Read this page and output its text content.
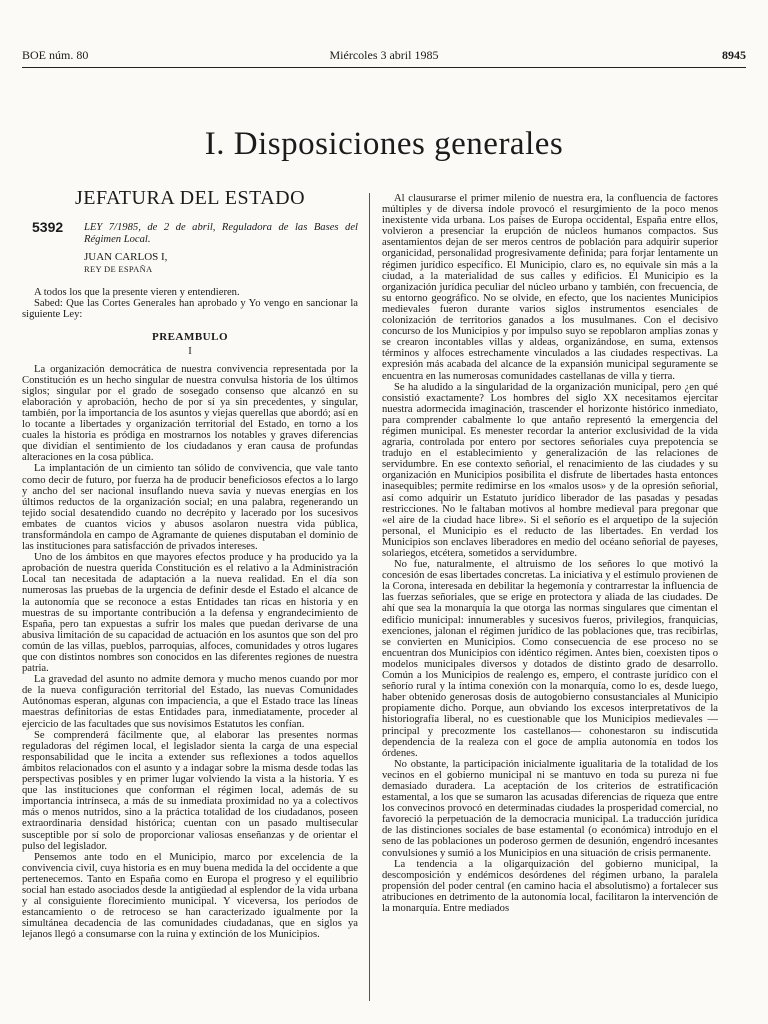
BOE núm. 80	Miércoles 3 abril 1985	8945
I. Disposiciones generales
JEFATURA DEL ESTADO
5392 LEY 7/1985, de 2 de abril, Reguladora de las Bases del Régimen Local.
JUAN CARLOS I,
REY DE ESPAÑA

A todos los que la presente vieren y entendieren.

Sabed: Que las Cortes Generales han aprobado y Yo vengo en sancionar la siguiente Ley:

PREAMBULO
I

La organización democrática de nuestra convivencia representada por la Constitución es un hecho singular de nuestra convulsa historia de los últimos siglos; singular por el grado de sosegado consenso que alcanzó en su elaboración y aprobación, hecho de por sí ya sin precedentes, y singular, también, por la importancia de los asuntos y viejas querellas que abordó; así en lo tocante a libertades y organización territorial del Estado, en torno a los cuales la historia es pródiga en mostrarnos los notables y graves diferencias que dividían el sentimiento de los ciudadanos y eran causa de profundas alteraciones en la cosa pública.

La implantación de un cimiento tan sólido de convivencia, que vale tanto como decir de futuro, por fuerza ha de producir beneficiosos efectos a lo largo y ancho del ser nacional insuflando nueva savia y nuevas energías en los últimos reductos de la organización social; en una palabra, regenerando un tejido social desatendido cuando no decrépito y lacerado por los sucesivos embates de cuantos vicios y abusos asolaron nuestra vida pública, transformándola en campo de Agramante de quienes disputaban el dominio de las instituciones para satisfacción de privados intereses.

Uno de los ámbitos en que mayores efectos produce y ha producido ya la aprobación de nuestra querida Constitución es el relativo a la Administración Local tan necesitada de adaptación a la nueva realidad. En el día son numerosas las pruebas de la urgencia de definir desde el Estado el alcance de la autonomía que se reconoce a estas Entidades tan ricas en historia y en muestras de su importante contribución a la defensa y engrandecimiento de España, pero tan expuestas a sufrir los males que puedan derivarse de una abusiva limitación de su capacidad de actuación en los asuntos que son del pro común de las villas, pueblos, parroquias, alfoces, comunidades y otros lugares que con distintos nombres son conocidos en las diferentes regiones de nuestra patria.

La gravedad del asunto no admite demora y mucho menos cuando por mor de la nueva configuración territorial del Estado, las nuevas Comunidades Autónomas esperan, algunas con impaciencia, a que el Estado trace las líneas maestras definitorias de estas Entidades para, inmediatamente, proceder al ejercicio de las facultades que sus novísimos Estatutos les confían.

Se comprenderá fácilmente que, al elaborar las presentes normas reguladoras del régimen local, el legislador sienta la carga de una especial responsabilidad que le incita a extender sus reflexiones a todos aquellos ámbitos relacionados con el asunto y a indagar sobre la misma desde todas las perspectivas posibles y en primer lugar volviendo la vista a la historia. Y es que las instituciones que conforman el régimen local, además de su importancia intrínseca, a más de su inmediata proximidad no ya a colectivos más o menos nutridos, sino a la práctica totalidad de los ciudadanos, poseen extraordinaria densidad histórica; cuentan con un pasado multisecular susceptible por sí solo de proporcionar valiosas enseñanzas y de orientar el pulso del legislador.

Pensemos ante todo en el Municipio, marco por excelencia de la convivencia civil, cuya historia es en muy buena medida la del occidente a que pertenecemos. Tanto en España como en Europa el progreso y el equilibrio social han estado asociados desde la antigüedad al esplendor de la vida urbana y al consiguiente florecimiento municipal. Y viceversa, los períodos de estancamiento o de retroceso se han caracterizado igualmente por la simultánea decadencia de las comunidades ciudadanas, que en siglos ya lejanos llegó a consumarse con la ruina y extinción de los Municipios.

Al clausurarse el primer milenio de nuestra era, la confluencia de factores múltiples y de diversa índole provocó el resurgimiento de la poco menos inexistente vida urbana. Los países de Europa occidental, España entre ellos, volvieron a presenciar la erupción de núcleos humanos compactos. Sus asentamientos dejan de ser meros centros de población para adquirir superior organicidad, personalidad progresivamente definida; para forjar lentamente un régimen jurídico específico. El Municipio, claro es, no equivale sin más a la ciudad, a la materialidad de sus calles y edificios. El Municipio es la organización jurídica peculiar del núcleo urbano y también, con frecuencia, de su entorno geográfico. No se olvide, en efecto, que los nacientes Municipios medievales fueron durante varios siglos instrumentos esenciales de colonización de territorios ganados a los musulmanes. Con el decisivo concurso de los Municipios y por impulso suyo se repoblaron amplias zonas y se crearon incontables villas y aldeas, organizándose, en suma, extensos términos y alfoces estrechamente vinculados a las ciudades respectivas. La expresión más acabada del alcance de la expansión municipal seguramente se encuentra en las numerosas comunidades castellanas de villa y tierra.

Se ha aludido a la singularidad de la organización municipal, pero ¿en qué consistió exactamente? Los hombres del siglo XX necesitamos ejercitar nuestra adormecida imaginación, trascender el horizonte histórico inmediato, para comprender cabalmente lo que antaño representó la emergencia del régimen municipal. Es menester recordar la anterior exclusividad de la vida agraria, controlada por entero por sectores señoriales cuya prepotencia se tradujo en el establecimiento y generalización de las relaciones de servidumbre. En ese contexto señorial, el renacimiento de las ciudades y su organización en Municipios posibilita el disfrute de libertades hasta entonces inasequibles; permite redimirse en los «malos usos» y de la opresión señorial, así como adquirir un Estatuto jurídico liberador de las pasadas y pesadas restricciones. No le faltaban motivos al hombre medieval para pregonar que «el aire de la ciudad hace libre». Si el señorío es el arquetipo de la sujeción personal, el Municipio es el reducto de las libertades. En verdad los Municipios son enclaves liberadores en medio del océano señorial de payeses, solariegos, etcétera, sometidos a servidumbre.

No fue, naturalmente, el altruismo de los señores lo que motivó la concesión de esas libertades concretas. La iniciativa y el estímulo provienen de la Corona, interesada en debilitar la hegemonía y contrarrestar la influencia de las fuerzas señoriales, que se erige en protectora y aliada de las ciudades. De ahí que sea la monarquía la que otorga las normas singulares que cimentan el edificio municipal: innumerables y sucesivos fueros, privilegios, franquicias, exenciones, jalonan el régimen jurídico de las poblaciones que, tras recibirlas, se convierten en Municipios. Como consecuencia de ese proceso no se encuentran dos Municipios con idéntico régimen. Antes bien, coexisten tipos o modelos municipales diversos y dotados de distinto grado de desarrollo. Común a los Municipios de realengo es, empero, el contraste jurídico con el señorío rural y la íntima conexión con la monarquía, como lo es, desde luego, haber obtenido generosas dosis de autogobierno consustanciales al Municipio propiamente dicho. Porque, aun obviando los excesos interpretativos de la historiografía liberal, no es cuestionable que los Municipios medievales —principal y precozmente los castellanos— cohonestaron su indiscutida dependencia de la realeza con el goce de amplia autonomía en todos los órdenes.

No obstante, la participación inicialmente igualitaria de la totalidad de los vecinos en el gobierno municipal ni se mantuvo en toda su pureza ni fue demasiado duradera. La aceptación de los criterios de estratificación estamental, a los que se sumaron las acusadas diferencias de riqueza que entre los convecinos provocó en determinadas ciudades la prosperidad comercial, no favoreció la perpetuación de la democracia municipal. La traducción jurídica de las distinciones sociales de base estamental (o económica) introdujo en el seno de las poblaciones un poderoso germen de desunión, engendró incesantes convulsiones y sumió a los Municipios en una situación de crisis permanente.

La tendencia a la oligarquización del gobierno municipal, la descomposición y endémicos desórdenes del régimen urbano, la paralela propensión del poder central (en camino hacia el absolutismo) a fortalecer sus atribuciones en detrimento de la autonomía local, facilitaron la intervención de la monarquía. Entre mediados
